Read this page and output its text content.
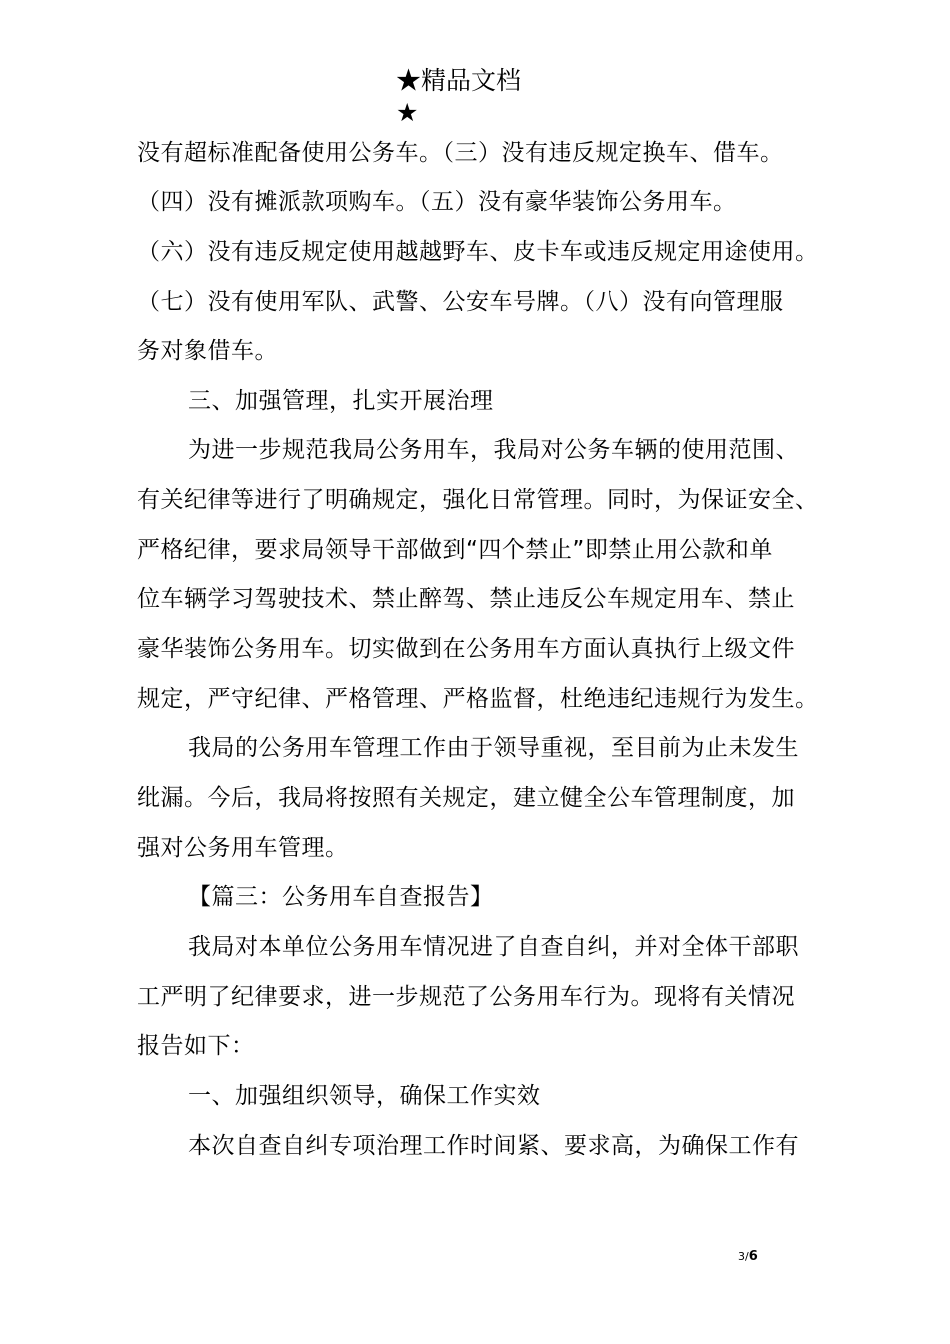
★精品文档
★
没有超标准配备使用公务车。（三）没有违反规定换车、借车。
（四）没有摊派款项购车。（五）没有豪华装饰公务用车。
（六）没有违反规定使用越越野车、皮卡车或违反规定用途使用。
（七）没有使用军队、武警、公安车号牌。（八）没有向管理服
务对象借车。
三、加强管理，扎实开展治理
为进一步规范我局公务用车，我局对公务车辆的使用范围、
有关纪律等进行了明确规定，强化日常管理。同时，为保证安全、
严格纪律，要求局领导干部做到“四个禁止”即禁止用公款和单
位车辆学习驾驶技术、禁止醉驾、禁止违反公车规定用车、禁止
豪华装饰公务用车。切实做到在公务用车方面认真执行上级文件
规定，严守纪律、严格管理、严格监督，杜绝违纪违规行为发生。
我局的公务用车管理工作由于领导重视，至目前为止未发生
纰漏。今后，我局将按照有关规定，建立健全公车管理制度，加
强对公务用车管理。
【篇三：公务用车自查报告】
我局对本单位公务用车情况进了自查自纠，并对全体干部职
工严明了纪律要求，进一步规范了公务用车行为。现将有关情况
报告如下：
一、加强组织领导，确保工作实效
本次自查自纠专项治理工作时间紧、要求高，为确保工作有
3/6
